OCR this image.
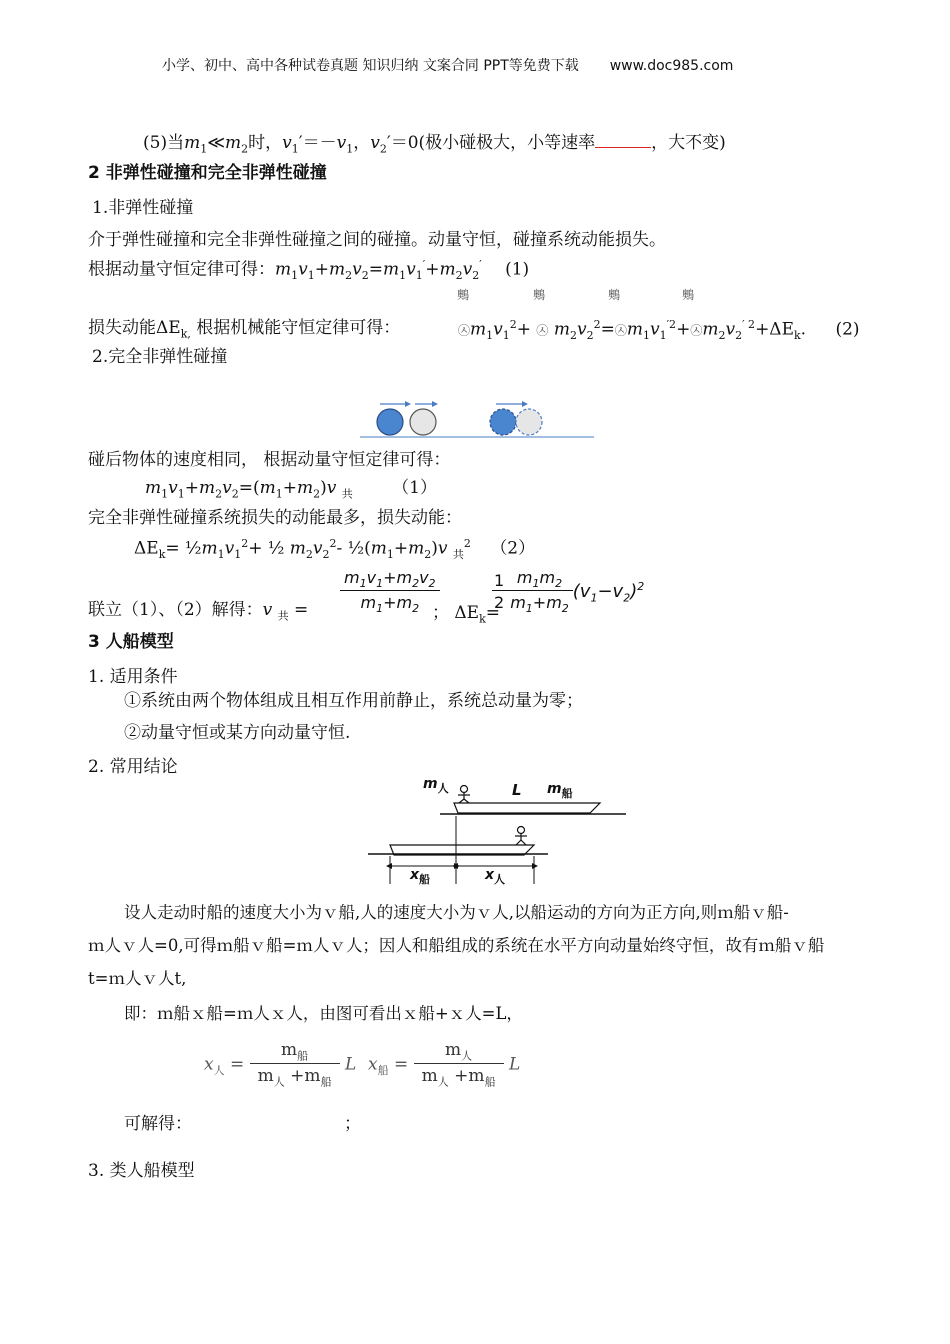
小学、初中、高中各种试卷真题 知识归纳 文案合同 PPT等免费下载 www.doc985.com
(5)当$m_1≪m_2$时，$v_1'=-v_1$，$v_2'=0$(极小碰极大，小等速率	，大不变)
2 非弹性碰撞和完全非弹性碰撞
1.非弹性碰撞
介于弹性碰撞和完全非弹性碰撞之间的碰撞。动量守恒，碰撞系统动能损失。
根据动量守恒定律可得：$m_1v_1+m_2v_2=m_1v_1'+m_2v_2'$ (1)
䴈	䴈	䴈	䴈
损失动能$\Delta E_{k,}$ 根据机械能守恒定律可得：	$㉦m_1v_1^2+$ ㉦ $m_2v_2^2=㉦m_1v_1^{'2}+㉦m_2v_2^{' 2}+\Delta E_k$. (2)
2.完全非弹性碰撞
碰后物体的速度相同， 根据动量守恒定律可得：
$m_1v_1+m_2v_2=(m_1+m_2)v$ $_共$ （1）
完全非弹性碰撞系统损失的动能最多，损失动能：
$\Delta E_k=$ $\frac{1}{2}m_1v_1^2+$ ½ $m_2v_2^2-$ $\frac{1}{2}(m_1+m_2)v$ $_共^2$ （2）
联立（1）、（2）解得：v $_共$ =
$m_1v_1+m_2v_2$
$m_1+m_2$ ； $\Delta E_k=$
$\frac{1}{2} \frac{m_1m_2}{m_1+m_2} (v_1-v_2)^2$
3 人船模型
1. 适用条件
①系统由两个物体组成且相互作用前静止，系统总动量为零；
②动量守恒或某方向动量守恒.
2. 常用结论
$m_人$	L $m_船$
$x_船$	$x_人$
设人走动时船的速度大小为ｖ船,人的速度大小为ｖ人,以船运动的方向为正方向,则ｍ船ｖ船-
ｍ人ｖ人=0,可得ｍ船ｖ船=ｍ人ｖ人；因人和船组成的系统在水平方向动量始终守恒，故有ｍ船ｖ船
t=ｍ人ｖ人t,
即：ｍ船ｘ船=ｍ人ｘ人，由图可看出ｘ船+ｘ人=L，
$x_人$ =
$m_船$
$m_人 +m_船$
L $x_船$ =
$m_人$
$m_人 +m_船$
L
可解得：	；
3. 类人船模型
